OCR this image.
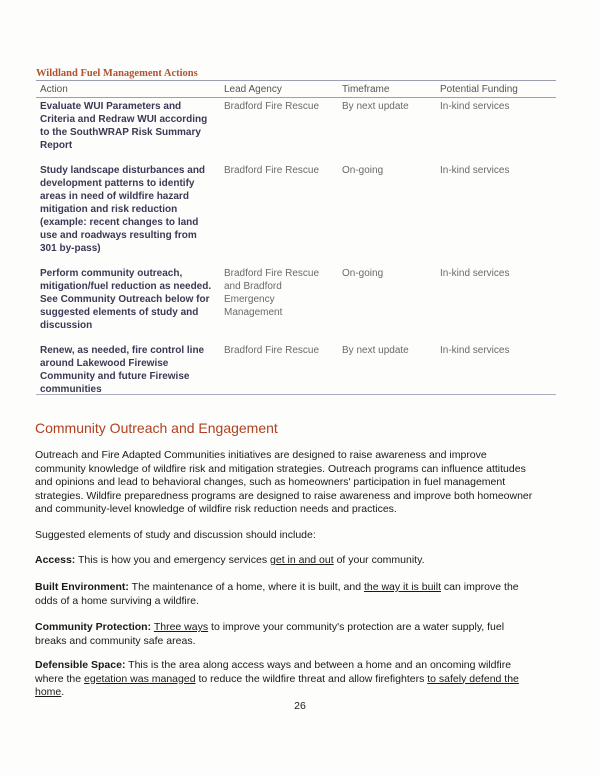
Wildland Fuel Management Actions
Action	Lead Agency	Timeframe	Potential Funding
Evaluate WUI Parameters and Criteria and Redraw WUI according to the SouthWRAP Risk Summary Report	Bradford Fire Rescue	By next update	In-kind services
Study landscape disturbances and development patterns to identify areas in need of wildfire hazard mitigation and risk reduction (example: recent changes to land use and roadways resulting from 301 by-pass)	Bradford Fire Rescue	On-going	In-kind services
Perform community outreach, mitigation/fuel reduction as needed. See Community Outreach below for suggested elements of study and discussion	Bradford Fire Rescue and Bradford Emergency Management	On-going	In-kind services
Renew, as needed, fire control line around Lakewood Firewise Community and future Firewise communities	Bradford Fire Rescue	By next update	In-kind services
Community Outreach and Engagement

Outreach and Fire Adapted Communities initiatives are designed to raise awareness and improve community knowledge of wildfire risk and mitigation strategies. Outreach programs can influence attitudes and opinions and lead to behavioral changes, such as homeowners' participation in fuel management strategies. Wildfire preparedness programs are designed to raise awareness and improve both homeowner and community-level knowledge of wildfire risk reduction needs and practices.

Suggested elements of study and discussion should include:

Access: This is how you and emergency services get in and out of your community.

Built Environment: The maintenance of a home, where it is built, and the way it is built can improve the odds of a home surviving a wildfire.

Community Protection: Three ways to improve your community's protection are a water supply, fuel breaks and community safe areas.

Defensible Space: This is the area along access ways and between a home and an oncoming wildfire where the egetation was managed to reduce the wildfire threat and allow firefighters to safely defend the home.

26
